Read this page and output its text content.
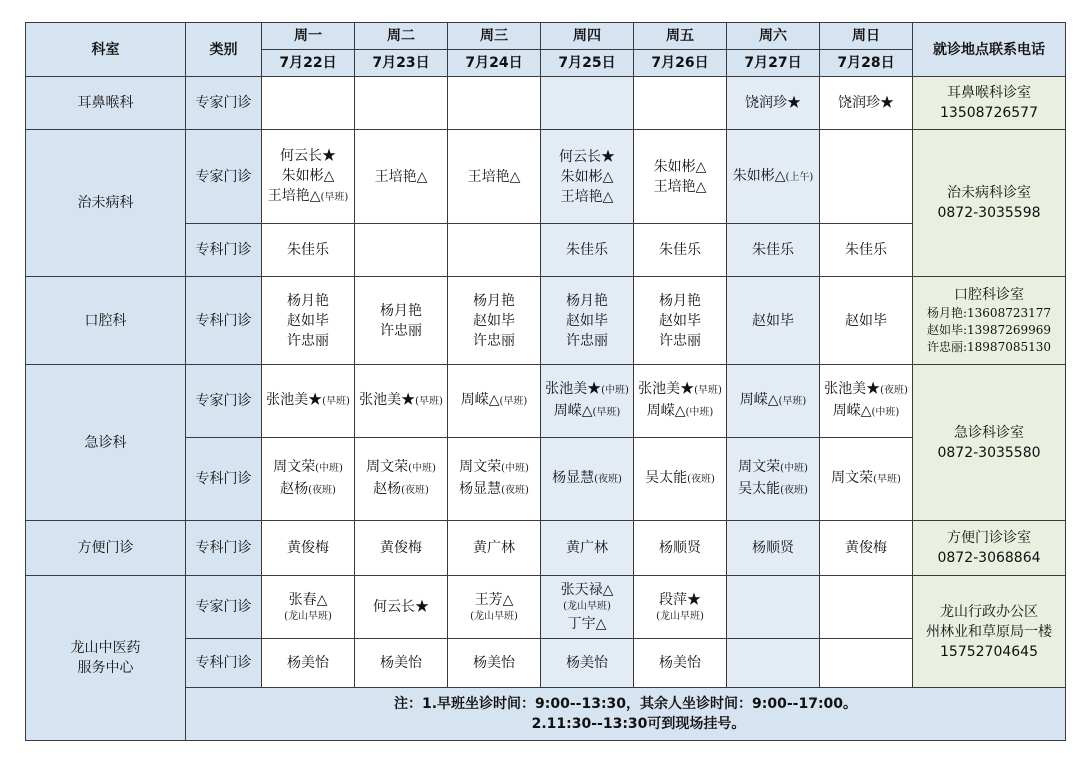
科室	类别	周一	周二	周三	周四	周五	周六	周日	就诊地点联系电话
		7月22日	7月23日	7月24日	7月25日	7月26日	7月27日	7月28日	
耳鼻喉科	专家门诊						饶润珍★	饶润珍★	耳鼻喉科诊室
13508726577

治未病科	专家门诊	何云长★
朱如彬△
王培艳△(早班)	王培艳△	王培艳△	何云长★
朱如彬△
王培艳△	朱如彬△
王培艳△	朱如彬△(上午)		治未病科诊室
0872-3035598

	专科门诊	朱佳乐			朱佳乐	朱佳乐	朱佳乐	朱佳乐	
口腔科	专科门诊	杨月艳
赵如毕
许忠丽	杨月艳
许忠丽	杨月艳
赵如毕
许忠丽	杨月艳
赵如毕
许忠丽	杨月艳
赵如毕
许忠丽	赵如毕	赵如毕	口腔科诊室
杨月艳:13608723177
赵如毕:13987269969
许忠丽:18987085130

急诊科	专家门诊	张池美★(早班)	张池美★(早班)	周嵘△(早班)	张池美★(中班)
周嵘△(早班)	张池美★(早班)
周嵘△(中班)	周嵘△(早班)	张池美★(夜班)
周嵘△(中班)	急诊科诊室
0872-3035580

	专科门诊	周文荣(中班)
赵杨(夜班)	周文荣(中班)
赵杨(夜班)	周文荣(中班)
杨显慧(夜班)	杨显慧(夜班)	吴太能(夜班)	周文荣(中班)
吴太能(夜班)	周文荣(早班)	
方便门诊	专科门诊	黄俊梅	黄俊梅	黄广林	黄广林	杨顺贤	杨顺贤	黄俊梅	方便门诊诊室
0872-3068864

龙山中医药
服务中心	专家门诊	张春△
(龙山早班)	何云长★	王芳△
(龙山早班)	张天禄△
(龙山早班)
丁宇△	段萍★
(龙山早班)			龙山行政办公区
州林业和草原局一楼
15752704645

	专科门诊	杨美怡	杨美怡	杨美怡	杨美怡	杨美怡			

	注：1.早班坐诊时间：9:00--13:30，其余人坐诊时间：9:00--17:00。
2.11:30--13:30可到现场挂号。								
